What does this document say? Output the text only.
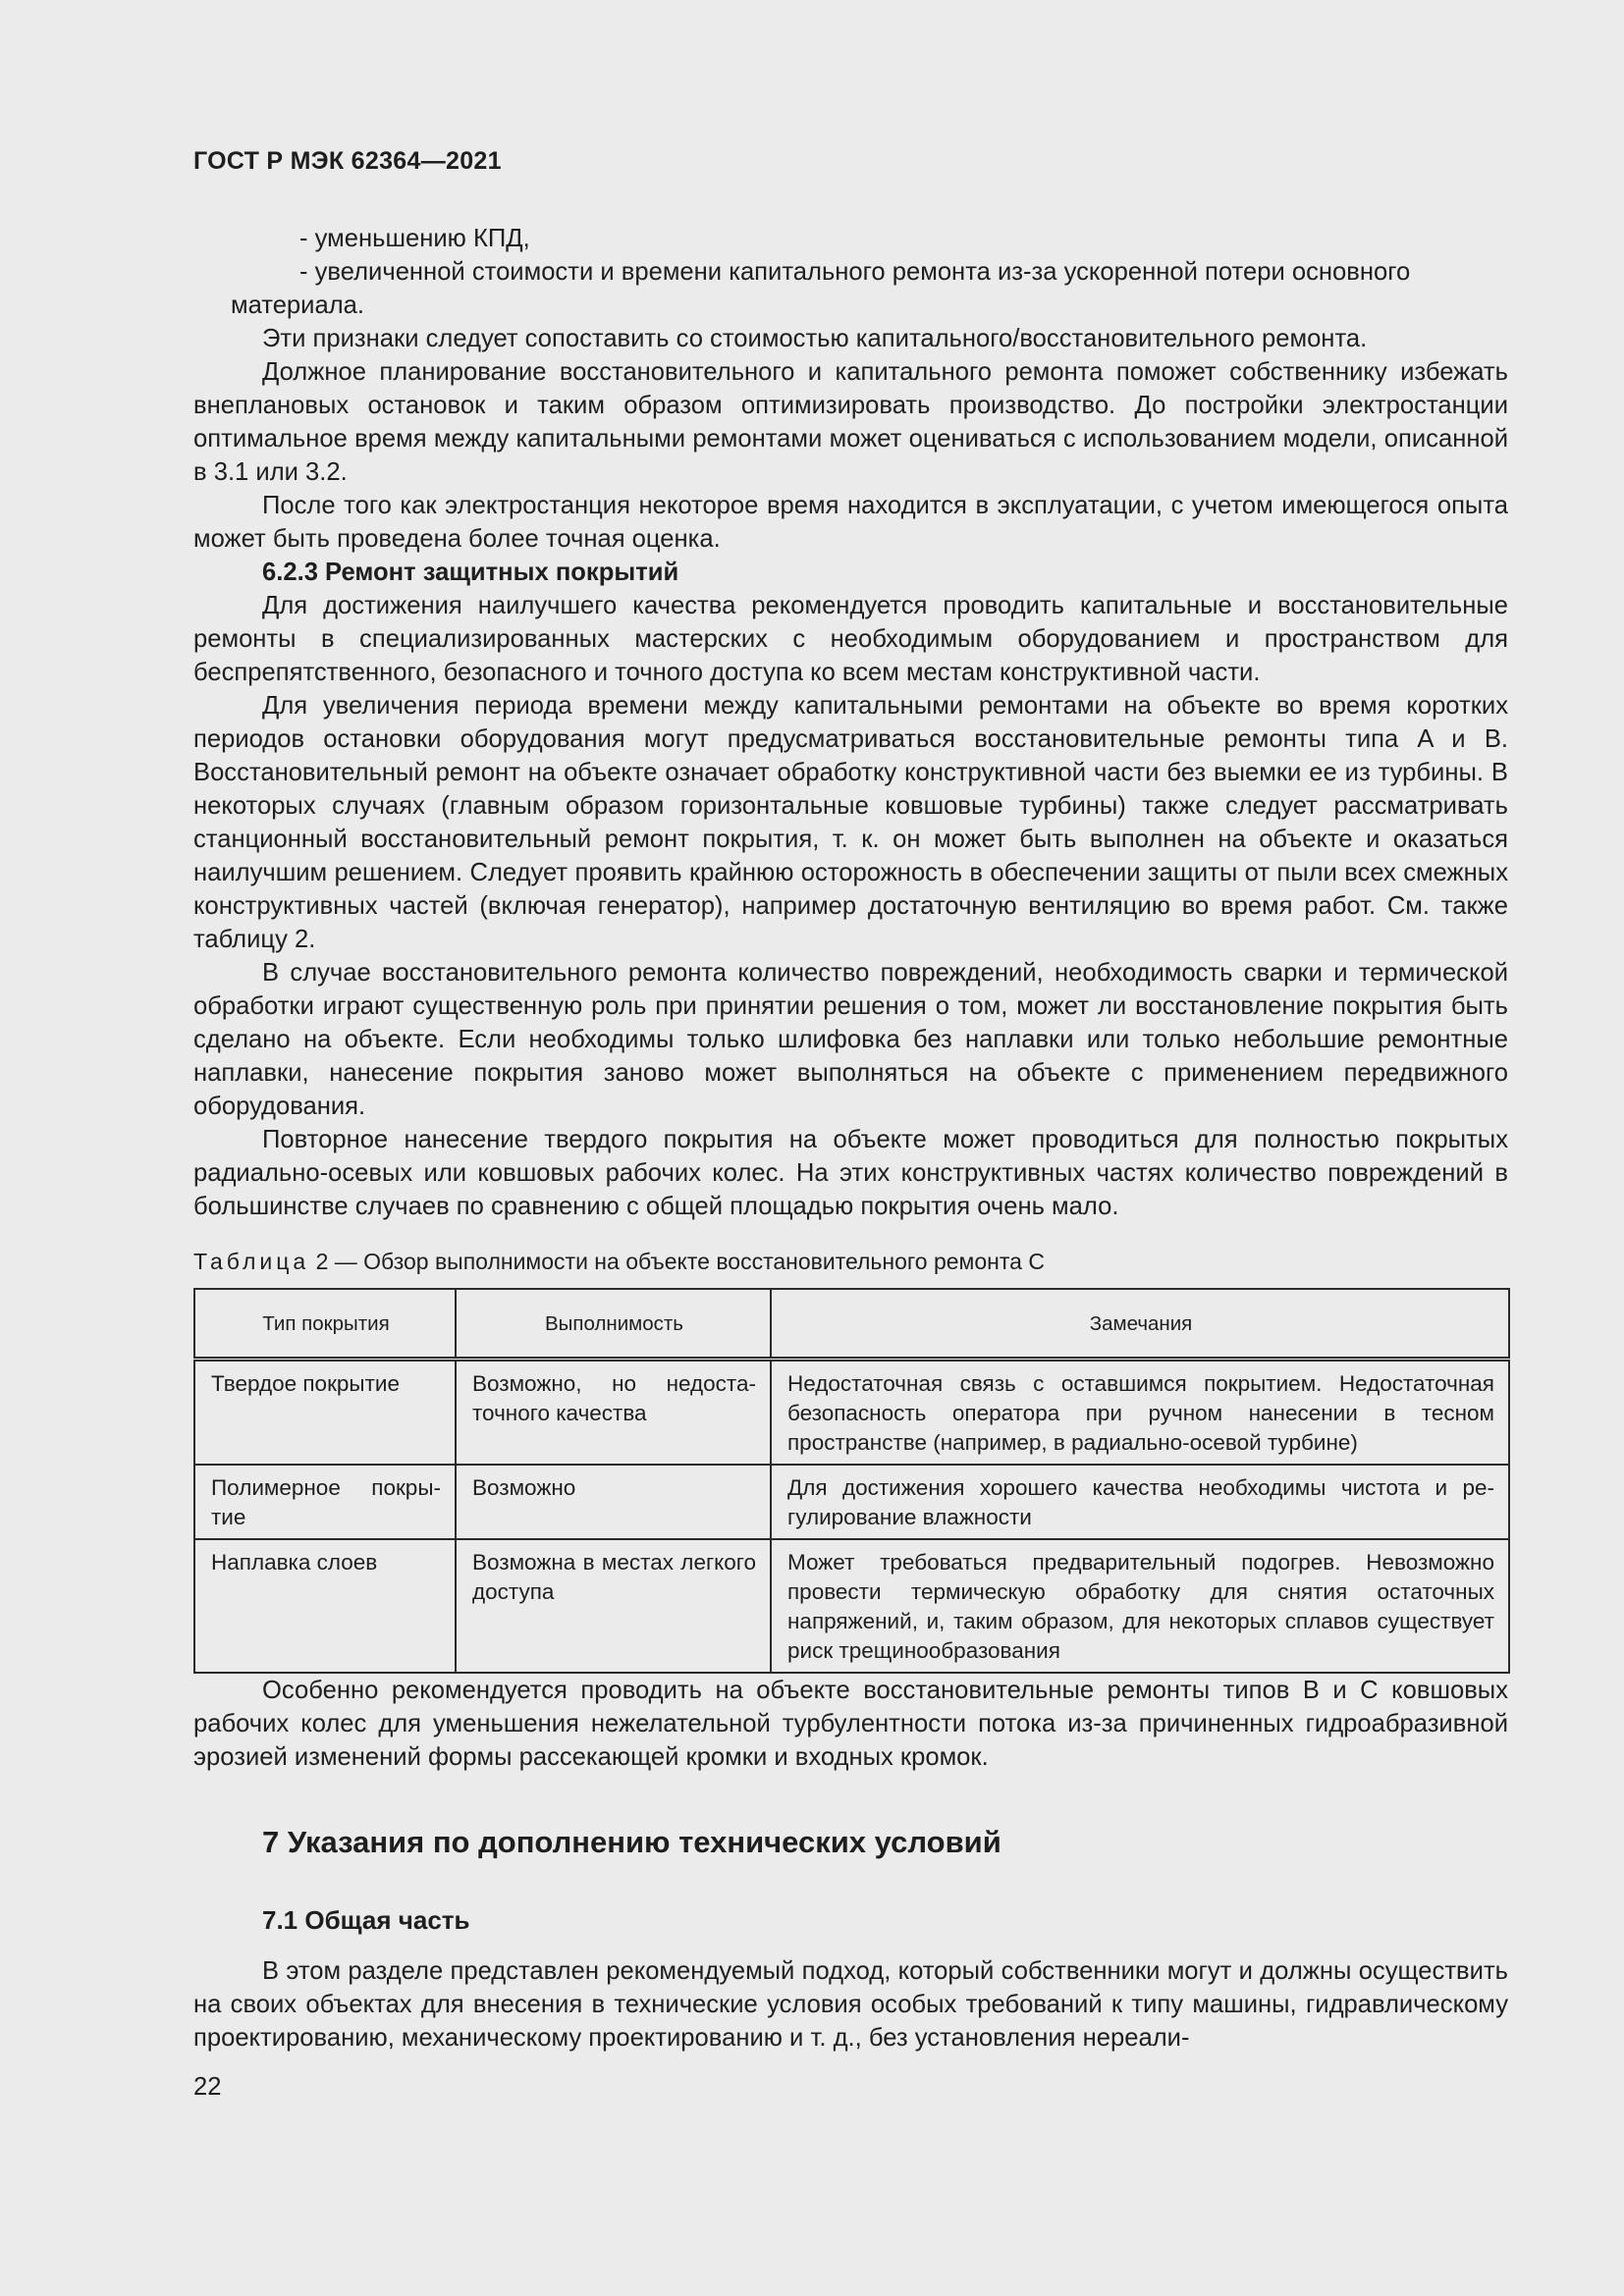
ГОСТ Р МЭК 62364—2021

- уменьшению КПД,

- увеличенной стоимости и времени капитального ремонта из-за ускоренной потери основного

материала.

Эти признаки следует сопоставить со стоимостью капитального/восстановительного ремонта.

Должное планирование восстановительного и капитального ремонта поможет собственнику избежать внеплановых остановок и таким образом оптимизировать производство. До постройки электростанции оптимальное время между капитальными ремонтами может оцениваться с использованием модели, описанной в 3.1 или 3.2.

После того как электростанция некоторое время находится в эксплуатации, с учетом имеющегося опыта может быть проведена более точная оценка.

6.2.3 Ремонт защитных покрытий

Для достижения наилучшего качества рекомендуется проводить капитальные и восстановительные ремонты в специализированных мастерских с необходимым оборудованием и пространством для беспрепятственного, безопасного и точного доступа ко всем местам конструктивной части.

Для увеличения периода времени между капитальными ремонтами на объекте во время коротких периодов остановки оборудования могут предусматриваться восстановительные ремонты типа A и B. Восстановительный ремонт на объекте означает обработку конструктивной части без выемки ее из турбины. В некоторых случаях (главным образом горизонтальные ковшовые турбины) также следует рассматривать станционный восстановительный ремонт покрытия, т. к. он может быть выполнен на объекте и оказаться наилучшим решением. Следует проявить крайнюю осторожность в обеспечении защиты от пыли всех смежных конструктивных частей (включая генератор), например достаточную вентиляцию во время работ. См. также таблицу 2.

В случае восстановительного ремонта количество повреждений, необходимость сварки и термической обработки играют существенную роль при принятии решения о том, может ли восстановление покрытия быть сделано на объекте. Если необходимы только шлифовка без наплавки или только небольшие ремонтные наплавки, нанесение покрытия заново может выполняться на объекте с применением передвижного оборудования.

Повторное нанесение твердого покрытия на объекте может проводиться для полностью покрытых радиально-осевых или ковшовых рабочих колес. На этих конструктивных частях количество повреждений в большинстве случаев по сравнению с общей площадью покрытия очень мало.

Таблица 2 — Обзор выполнимости на объекте восстановительного ремонта C
Тип покрытия	Выполнимость	Замечания
Твердое покрытие	Возможно, но недостаточного качества	Недостаточная связь с оставшимся покрытием. Недостаточная безопасность оператора при ручном нанесении в тесном пространстве (например, в радиально-осевой турбине)
Полимерное покрытие	Возможно	Для достижения хорошего качества необходимы чистота и регулирование влажности
Наплавка слоев	Возможна в местах легкого доступа	Может требоваться предварительный подогрев. Невозможно провести термическую обработку для снятия остаточных напряжений, и, таким образом, для некоторых сплавов существует риск трещинообразования

Особенно рекомендуется проводить на объекте восстановительные ремонты типов B и C ковшовых рабочих колес для уменьшения нежелательной турбулентности потока из-за причиненных гидроабразивной эрозией изменений формы рассекающей кромки и входных кромок.

7 Указания по дополнению технических условий
7.1 Общая часть

В этом разделе представлен рекомендуемый подход, который собственники могут и должны осуществить на своих объектах для внесения в технические условия особых требований к типу машины, гидравлическому проектированию, механическому проектированию и т. д., без установления нереали-

22
